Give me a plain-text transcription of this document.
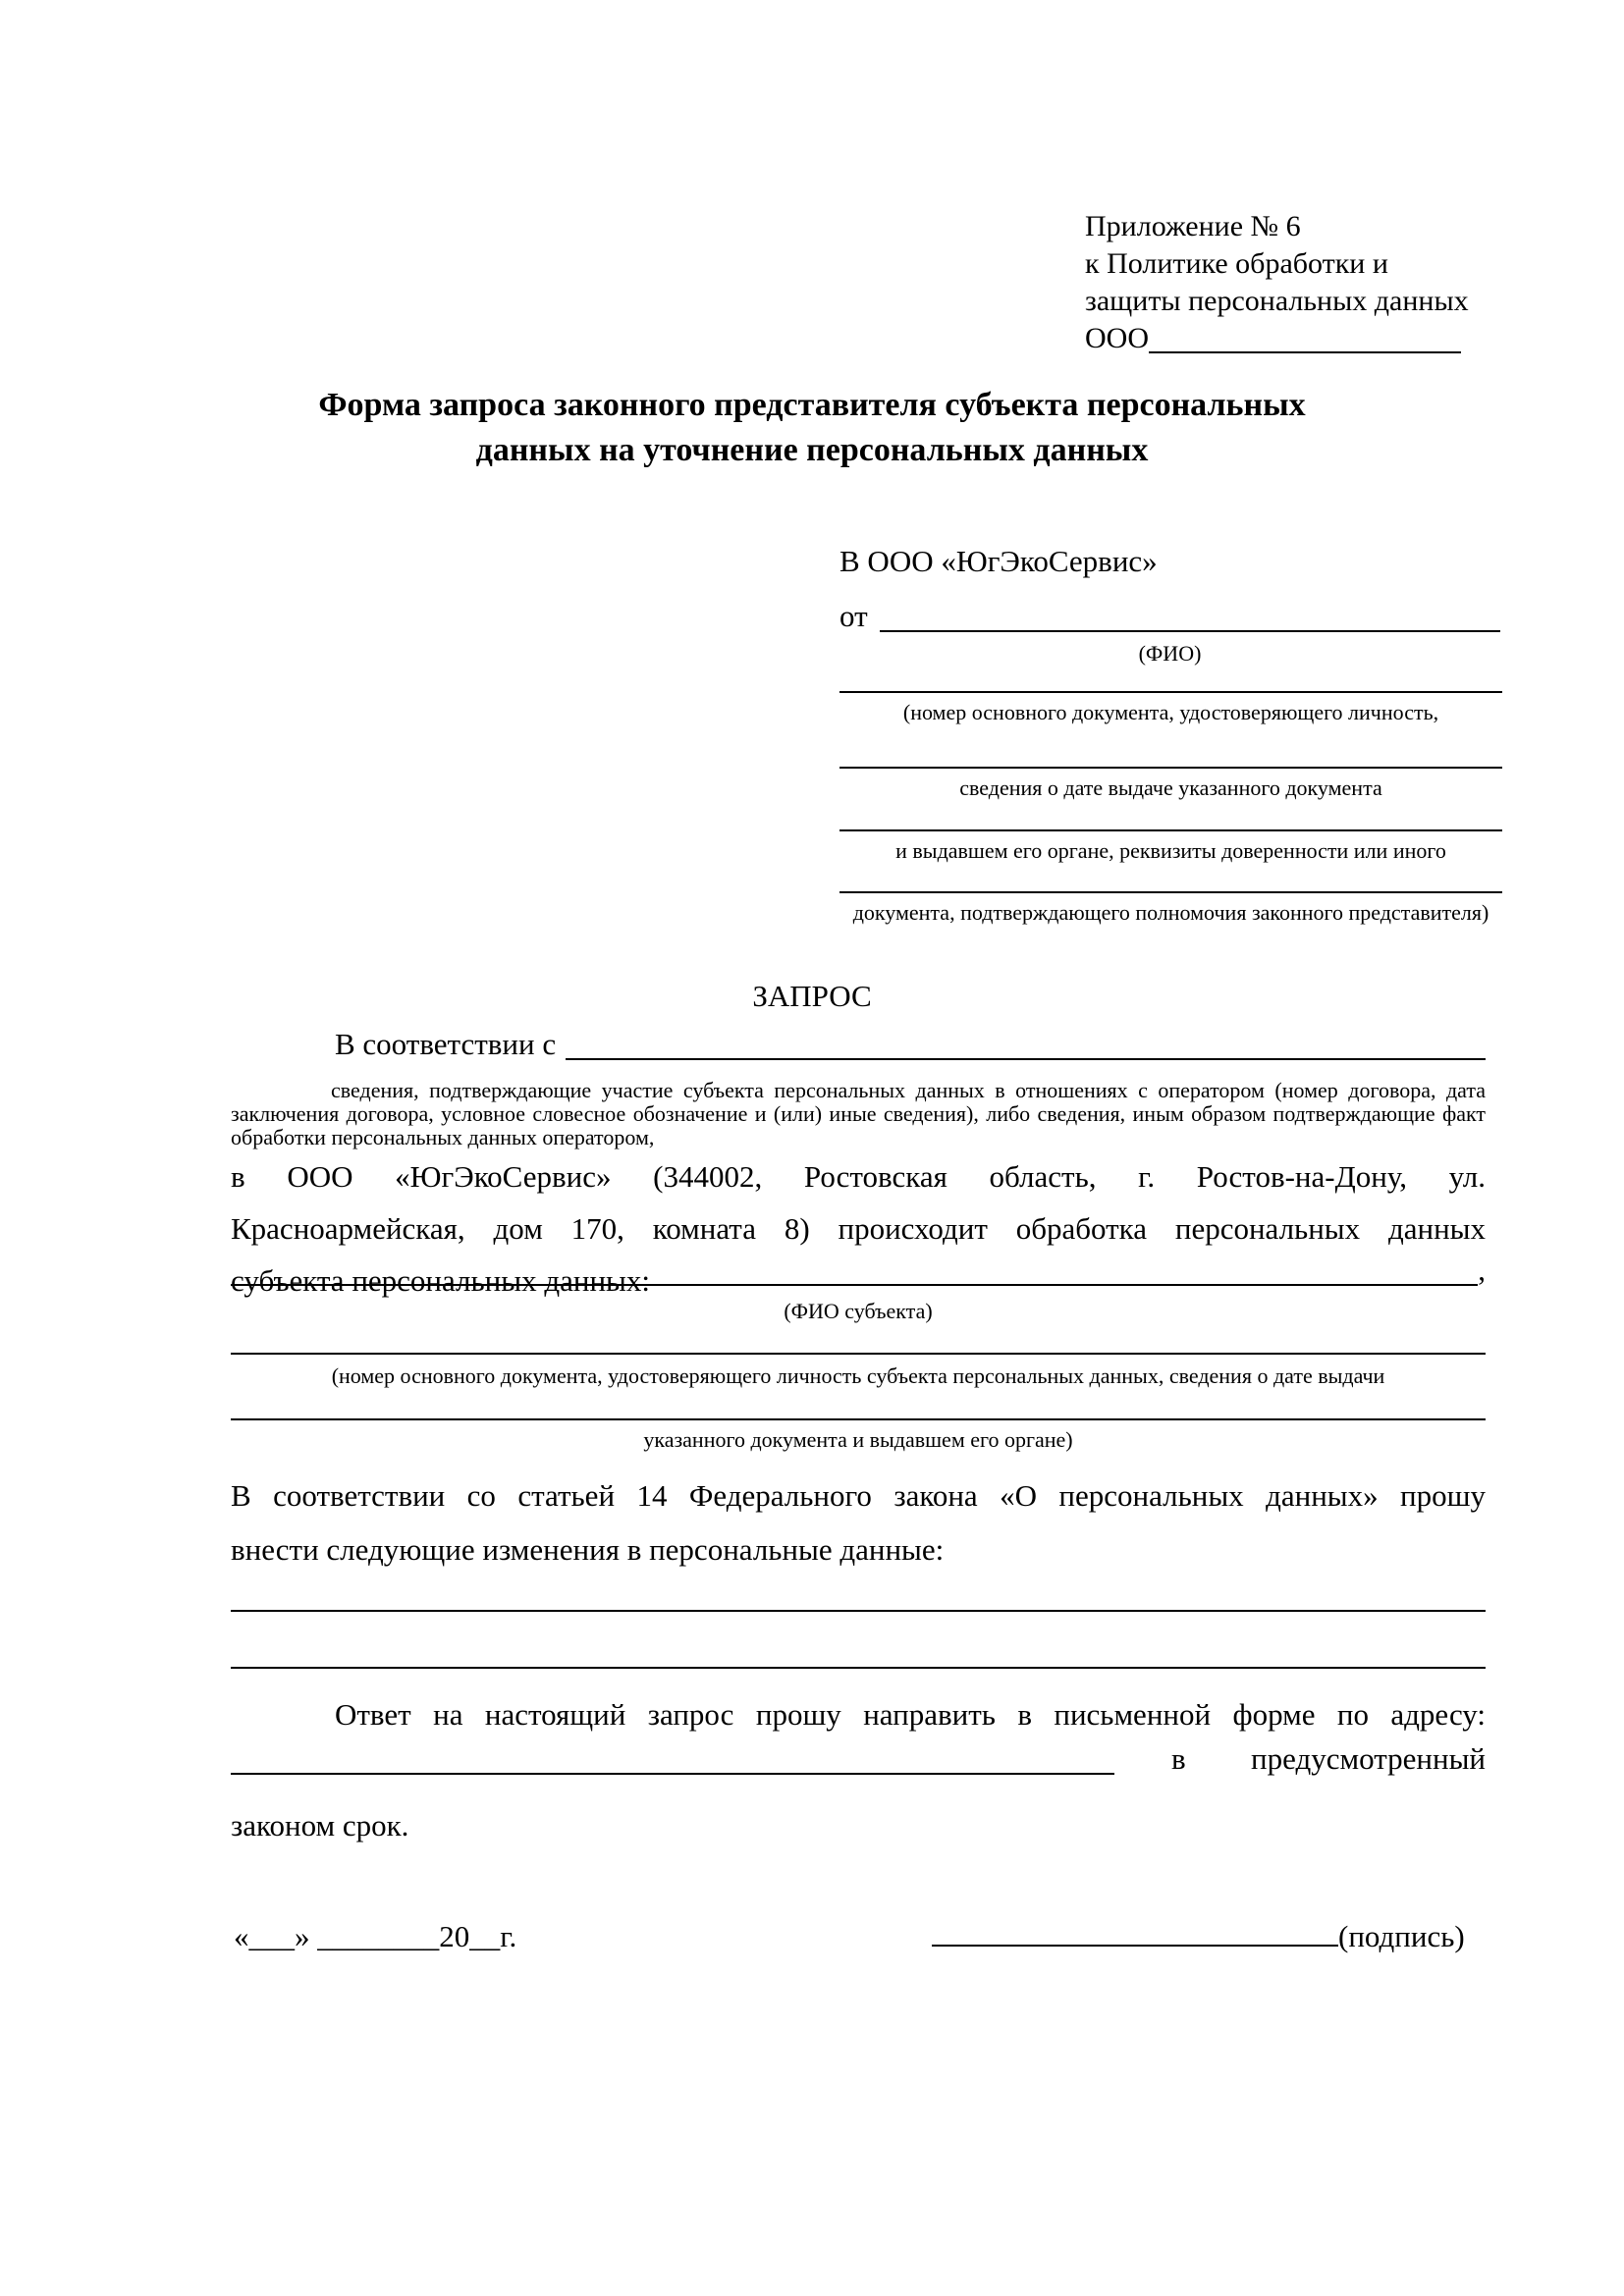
Приложение № 6
к Политике обработки и
защиты персональных данных
ООО
Форма запроса законного представителя субъекта персональных
данных на уточнение персональных данных
В ООО «ЮгЭкоСервис»
от
(ФИО)
(номер основного документа, удостоверяющего личность,
сведения о дате выдаче указанного документа
и выдавшем его органе, реквизиты доверенности или иного
документа, подтверждающего полномочия законного представителя)
ЗАПРОС
В соответствии с
сведения, подтверждающие участие субъекта персональных данных в отношениях с оператором (номер договора, дата
заключения договора, условное словесное обозначение и (или) иные сведения), либо сведения, иным образом подтверждающие факт
обработки персональных данных оператором,
в ООО «ЮгЭкоСервис» (344002, Ростовская область, г. Ростов-на-Дону, ул.
Красноармейская, дом 170, комната 8) происходит обработка персональных данных
субъекта персональных данных:	,
(ФИО субъекта)
(номер основного документа, удостоверяющего личность субъекта персональных данных, сведения о дате выдачи
указанного документа и выдавшем его органе)
В соответствии со статьей 14 Федерального закона «О персональных данных» прошу
внести следующие изменения в персональные данные:
Ответ на настоящий запрос прошу направить в письменной форме по адресу:
в предусмотренный
законом срок.
«___» ________20__г.	(подпись)
